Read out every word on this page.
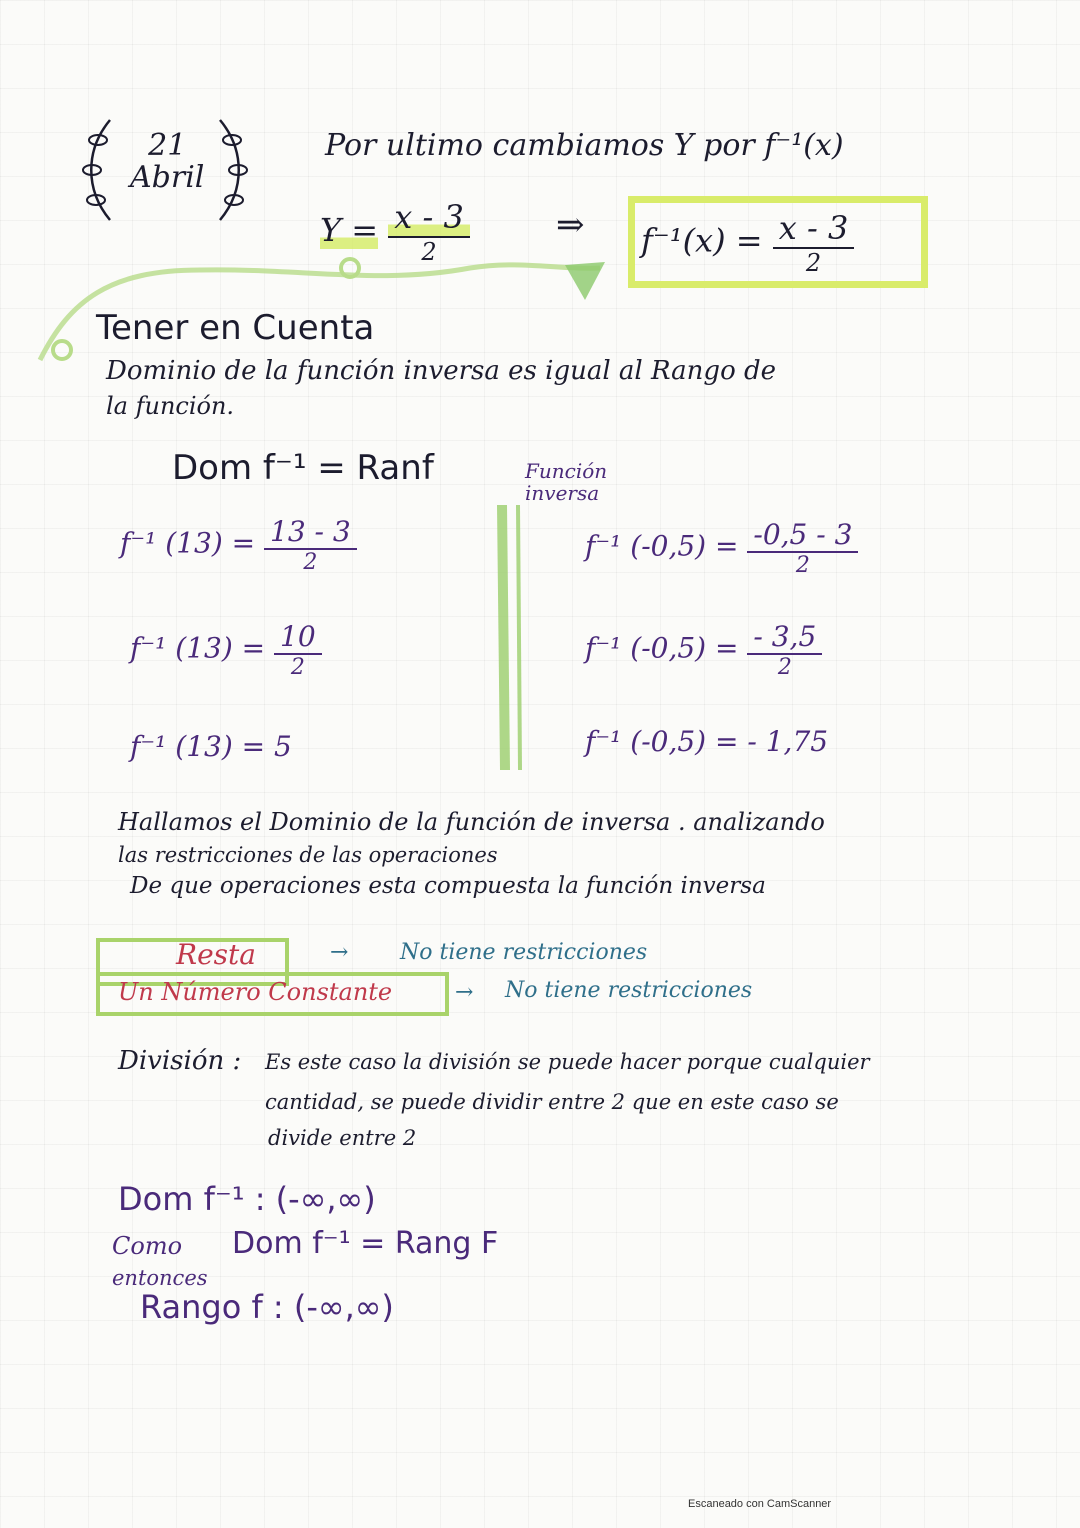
21
Abril
Por ultimo cambiamos Y por f⁻¹(x)
$Y = \frac{x - 3}{2}$	⇒	$f^{-1}(x) = \frac{x - 3}{2}$
Tener en Cuenta
Dominio de la función inversa es igual al Rango de
la función.
Dom f⁻¹ = Ranf	Función inversa
f⁻¹ $(13) = \frac{13 - 3}{2}$
f⁻¹ $(13) = \frac{10}{2}$
f⁻¹ (13) = 5
f⁻¹ $(-0,5) = \frac{-0,5 - 3}{2}$
f⁻¹ $(-0,5) = \frac{- 3,5}{2}$
f⁻¹ (-0,5) = - 1,75
Hallamos el Dominio de la función de inversa . analizando
las restricciones de las operaciones
De que operaciones esta compuesta la función inversa
Resta	→ No tiene restricciones
Un Número Constante	→ No tiene restricciones
División : Es este caso la división se puede hacer porque cualquier
cantidad, se puede dividir entre 2 que en este caso se
divide entre 2
Dom f⁻¹ : (-∞,∞)
Como Dom f⁻¹ = Rang F
entonces
Rango f : (-∞,∞)
Escaneado con CamScanner
